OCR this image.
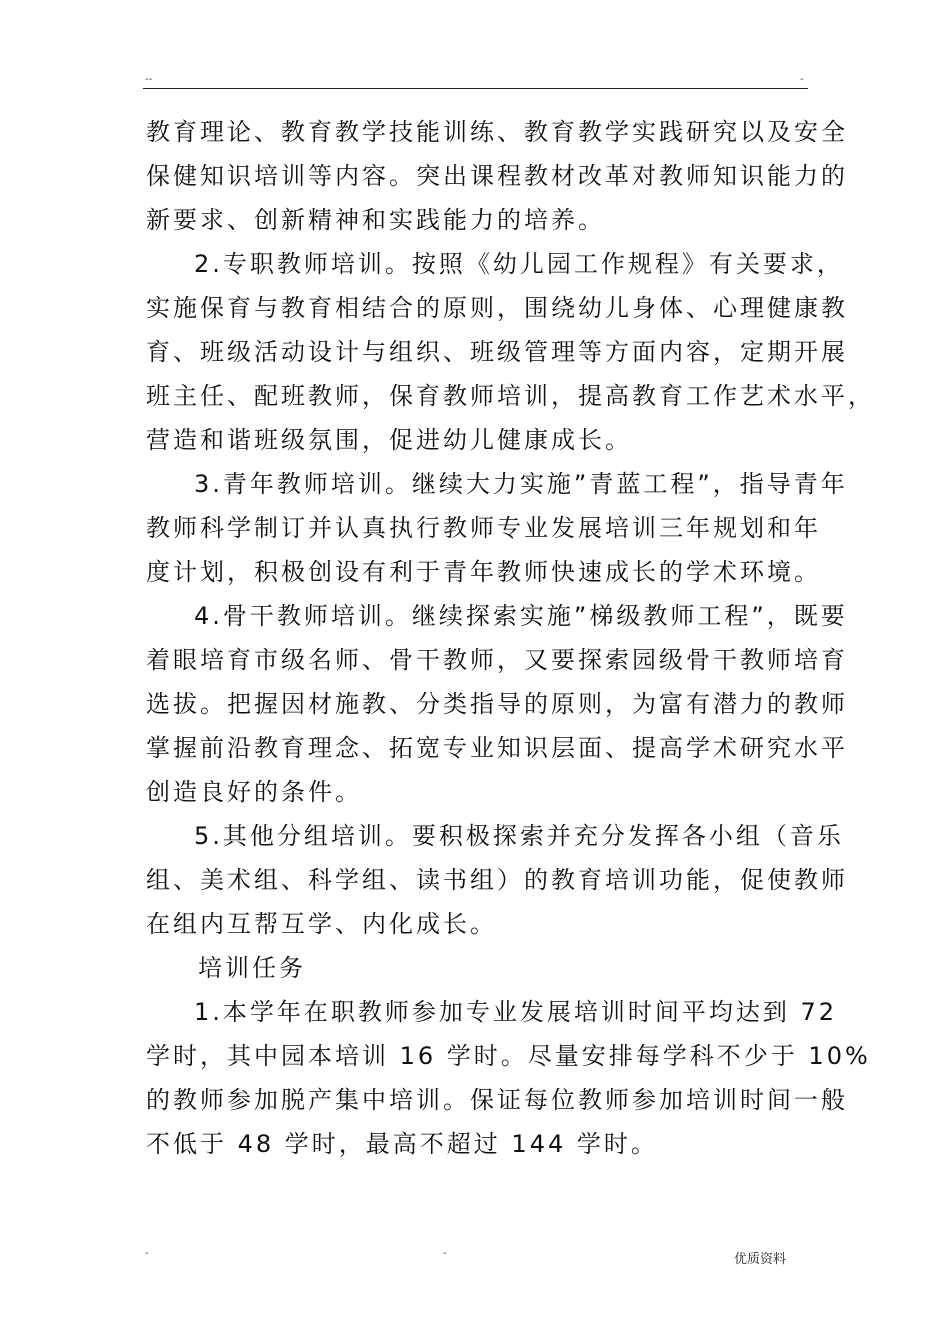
--	-
教育理论、教育教学技能训练、教育教学实践研究以及安全
保健知识培训等内容。突出课程教材改革对教师知识能力的
新要求、创新精神和实践能力的培养。
2.专职教师培训。按照《幼儿园工作规程》有关要求，
实施保育与教育相结合的原则，围绕幼儿身体、心理健康教
育、班级活动设计与组织、班级管理等方面内容，定期开展
班主任、配班教师，保育教师培训，提高教育工作艺术水平，
营造和谐班级氛围，促进幼儿健康成长。
3.青年教师培训。继续大力实施”青蓝工程”，指导青年
教师科学制订并认真执行教师专业发展培训三年规划和年
度计划，积极创设有利于青年教师快速成长的学术环境。
4.骨干教师培训。继续探索实施”梯级教师工程”，既要
着眼培育市级名师、骨干教师，又要探索园级骨干教师培育
选拔。把握因材施教、分类指导的原则，为富有潜力的教师
掌握前沿教育理念、拓宽专业知识层面、提高学术研究水平
创造良好的条件。
5.其他分组培训。要积极探索并充分发挥各小组（音乐
组、美术组、科学组、读书组）的教育培训功能，促使教师
在组内互帮互学、内化成长。
培训任务
1.本学年在职教师参加专业发展培训时间平均达到 72
学时，其中园本培训 16 学时。尽量安排每学科不少于 10%
的教师参加脱产集中培训。保证每位教师参加培训时间一般
不低于 48 学时，最高不超过 144 学时。
-	-	优质资料
